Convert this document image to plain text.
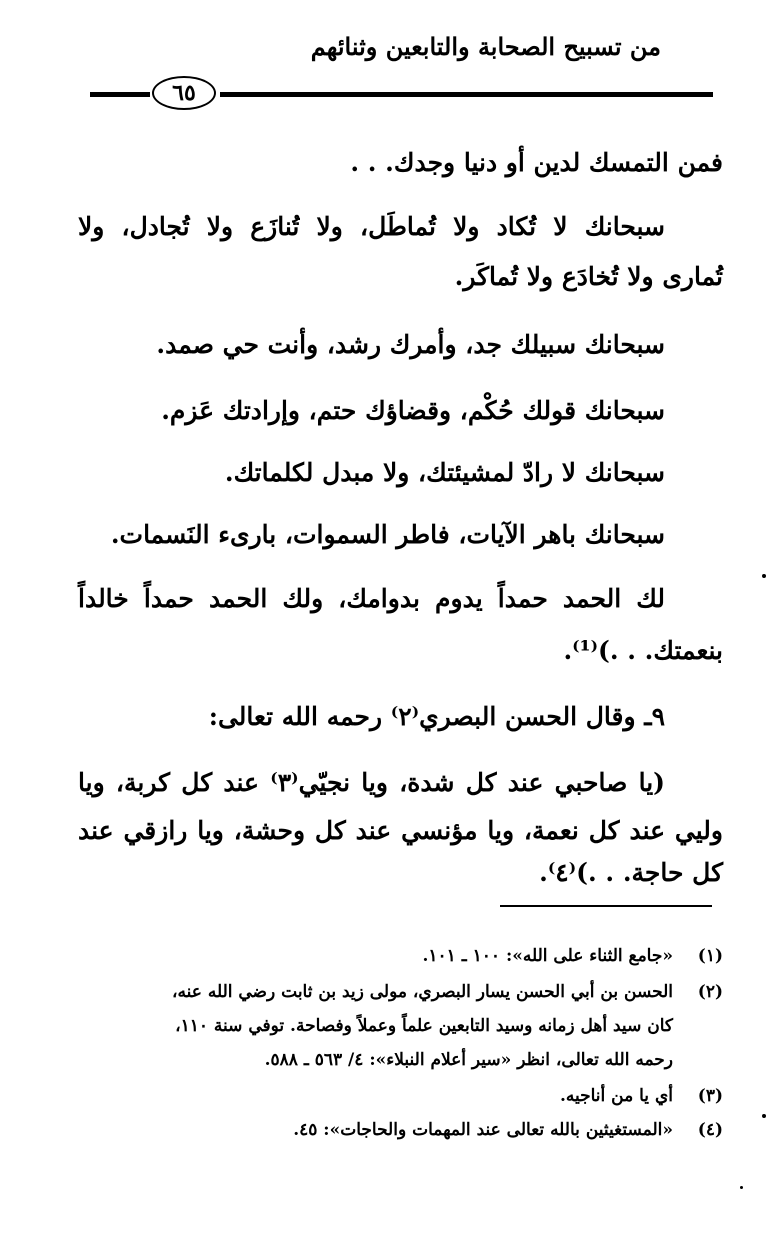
من تسبيح الصحابة والتابعين وثنائهم
٦٥
فمن التمسك لدين أو دنيا وجدك. . .
سبحانك لا تُكاد ولا تُماطَل، ولا تُنازَع ولا تُجادل، ولا
تُمارى ولا تُخادَع ولا تُماكَر.
سبحانك سبيلك جد، وأمرك رشد، وأنت حي صمد.
سبحانك قولك حُكْم، وقضاؤك حتم، وإرادتك عَزم.
سبحانك لا رادّ لمشيئتك، ولا مبدل لكلماتك.
سبحانك باهر الآيات، فاطر السموات، بارىء النَسمات.
لك الحمد حمداً يدوم بدوامك، ولك الحمد حمداً خالداً
بنعمتك. . .)⁽¹⁾.
٩ـ وقال الحسن البصري⁽٢⁾ رحمه الله تعالى:
(يا صاحبي عند كل شدة، ويا نجيّي⁽٣⁾ عند كل كربة، ويا
وليي عند كل نعمة، ويا مؤنسي عند كل وحشة، ويا رازقي عند
كل حاجة. . .)⁽٤⁾.
(١)
«جامع الثناء على الله»: ١٠٠ ـ ١٠١.
(٢)
الحسن بن أبي الحسن يسار البصري، مولى زيد بن ثابت رضي الله عنه،
كان سيد أهل زمانه وسيد التابعين علماً وعملاً وفصاحة. توفي سنة ١١٠،
رحمه الله تعالى، انظر «سير أعلام النبلاء»: ٤/ ٥٦٣ ـ ٥٨٨.
(٣)
أي يا من أناجيه.
(٤)
«المستغيثين بالله تعالى عند المهمات والحاجات»: ٤٥.
